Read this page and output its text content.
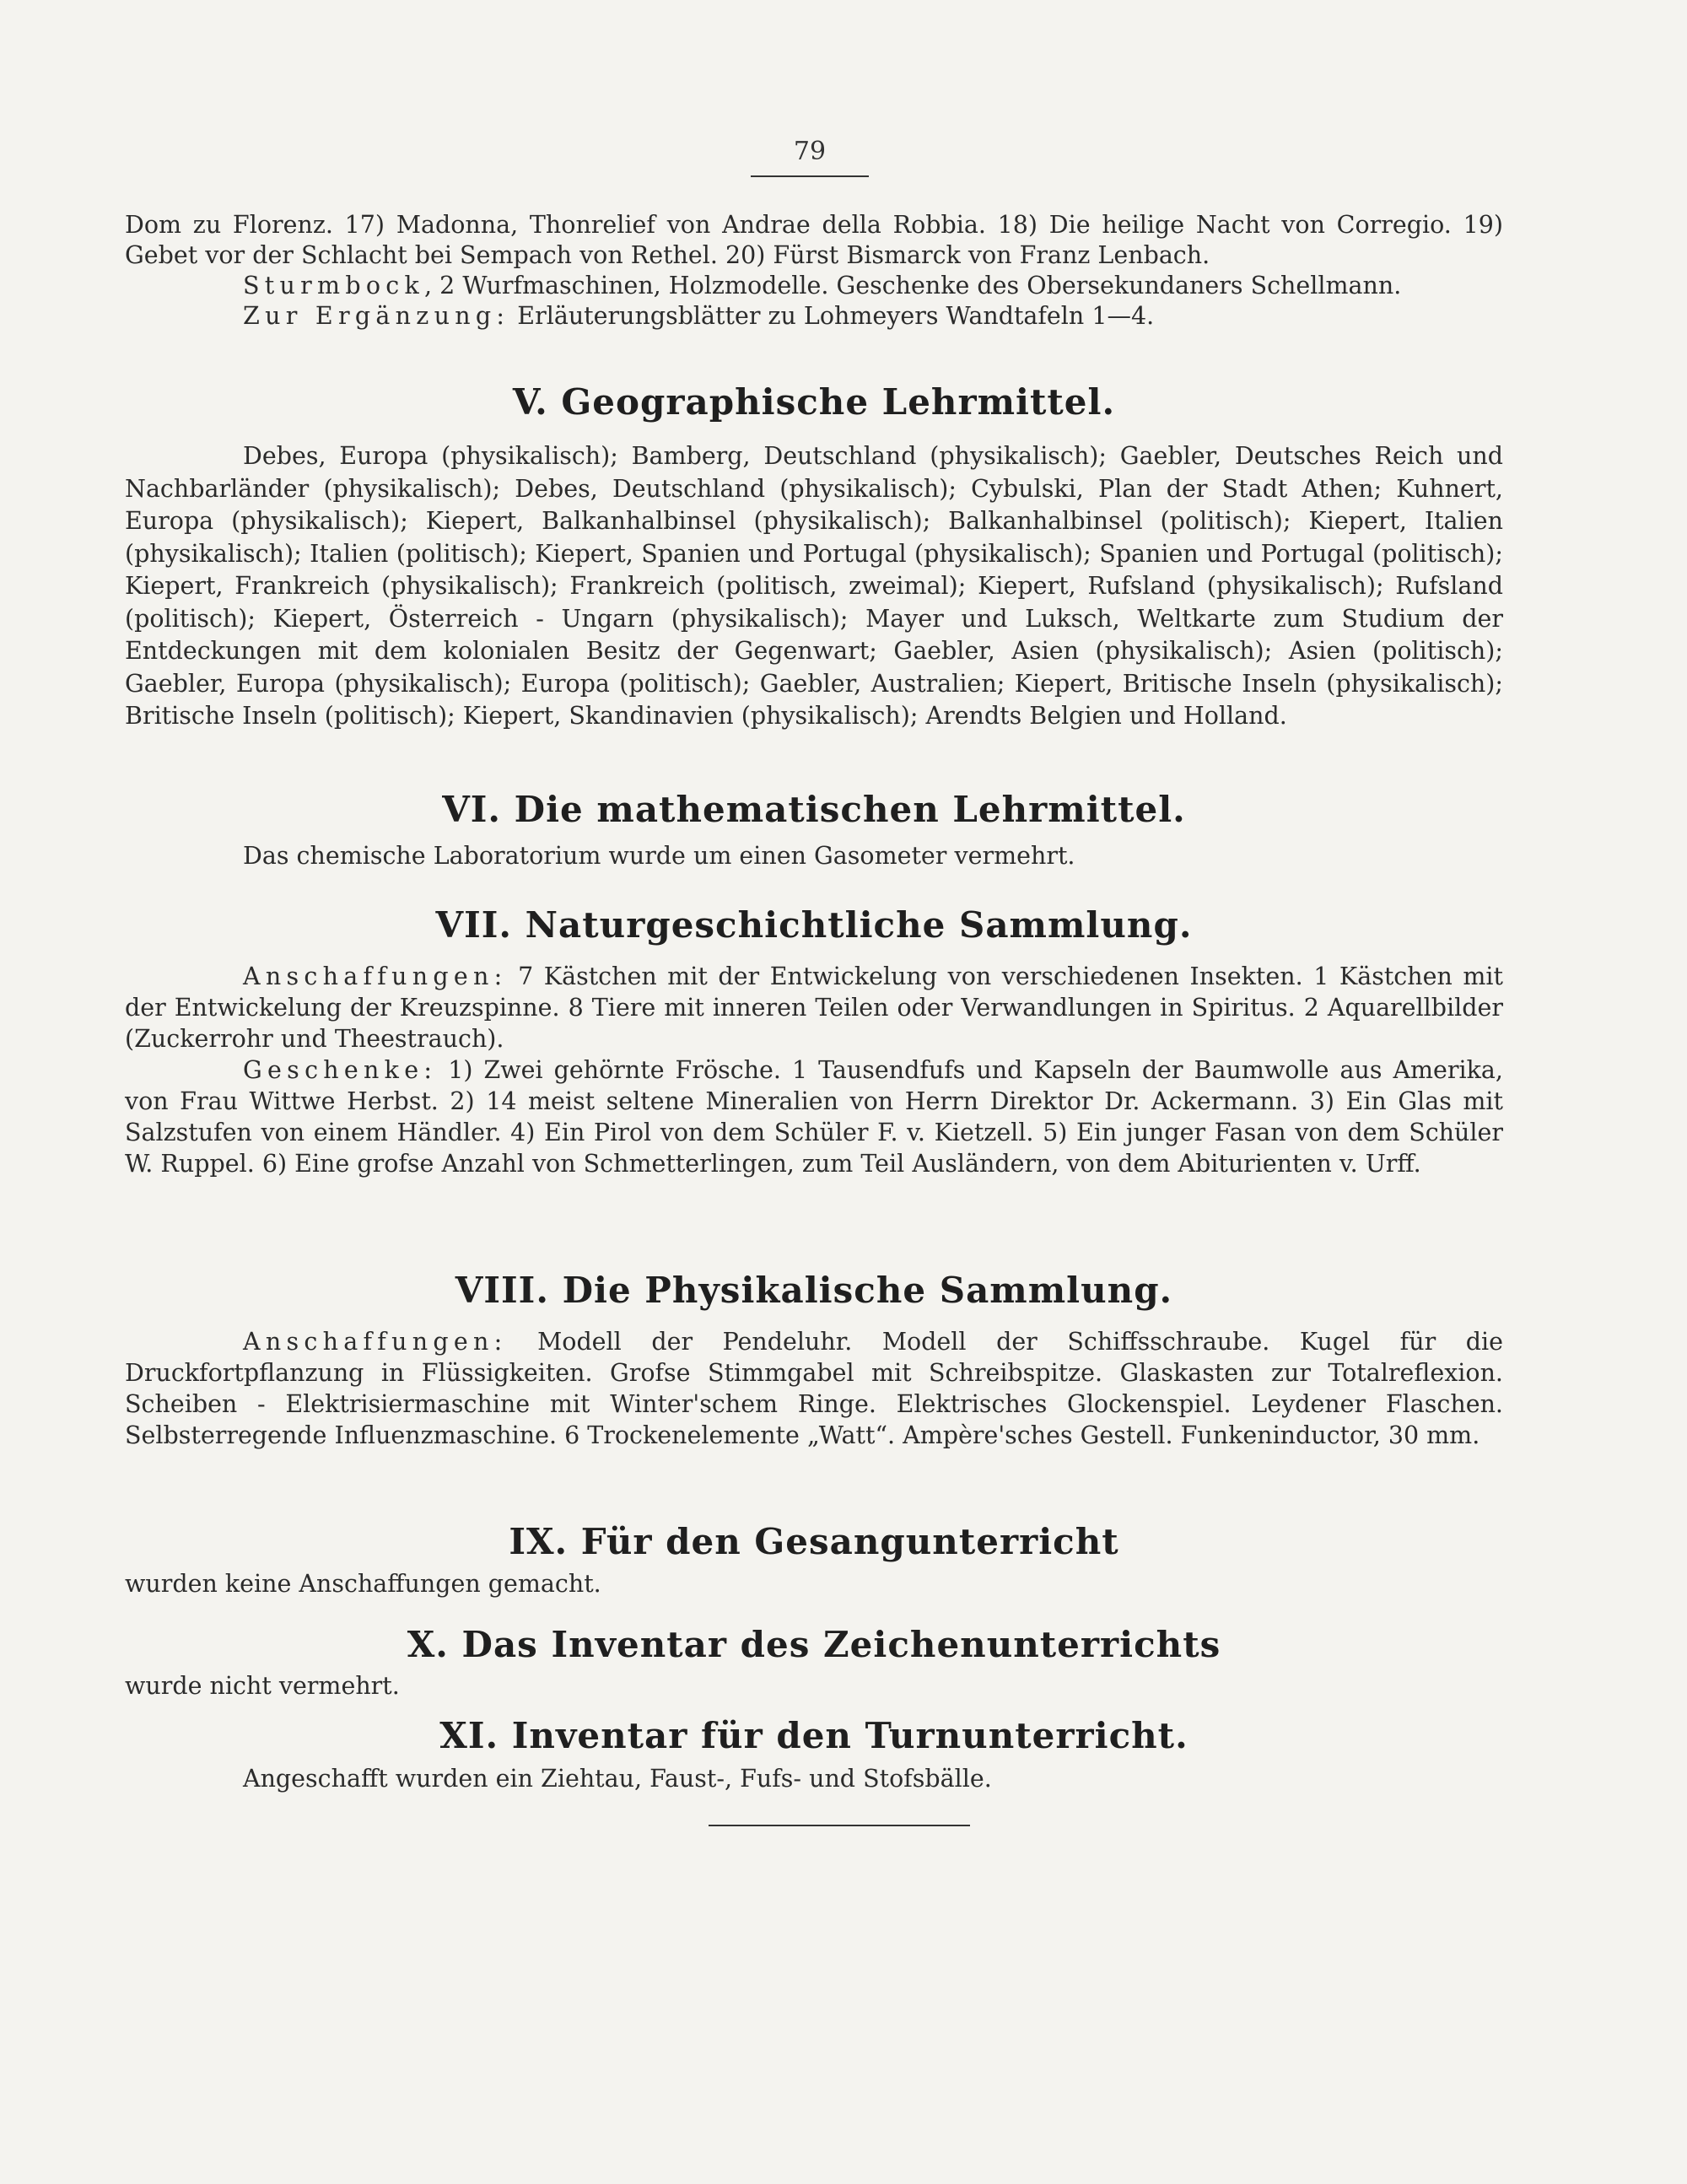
79

Dom zu Florenz. 17) Madonna, Thonrelief von Andrae della Robbia. 18) Die heilige Nacht von Corregio. 19) Gebet vor der Schlacht bei Sempach von Rethel. 20) Fürst Bismarck von Franz Lenbach.

Sturmbock, 2 Wurfmaschinen, Holzmodelle. Geschenke des Obersekundaners Schellmann.

Zur Ergänzung: Erläuterungsblätter zu Lohmeyers Wandtafeln 1—4.

V. Geographische Lehrmittel.

Debes, Europa (physikalisch); Bamberg, Deutschland (physikalisch); Gaebler, Deutsches Reich und Nachbarländer (physikalisch); Debes, Deutschland (physikalisch); Cybulski, Plan der Stadt Athen; Kuhnert, Europa (physikalisch); Kiepert, Balkanhalbinsel (physikalisch); Balkanhalbinsel (politisch); Kiepert, Italien (physikalisch); Italien (politisch); Kiepert, Spanien und Portugal (physikalisch); Spanien und Portugal (politisch); Kiepert, Frankreich (physikalisch); Frankreich (politisch, zweimal); Kiepert, Rufsland (physikalisch); Rufsland (politisch); Kiepert, Österreich - Ungarn (physikalisch); Mayer und Luksch, Weltkarte zum Studium der Entdeckungen mit dem kolonialen Besitz der Gegenwart; Gaebler, Asien (physikalisch); Asien (politisch); Gaebler, Europa (physikalisch); Europa (politisch); Gaebler, Australien; Kiepert, Britische Inseln (physikalisch); Britische Inseln (politisch); Kiepert, Skandinavien (physikalisch); Arendts Belgien und Holland.

VI. Die mathematischen Lehrmittel.

Das chemische Laboratorium wurde um einen Gasometer vermehrt.

VII. Naturgeschichtliche Sammlung.

Anschaffungen: 7 Kästchen mit der Entwickelung von verschiedenen Insekten. 1 Kästchen mit der Entwickelung der Kreuzspinne. 8 Tiere mit inneren Teilen oder Verwandlungen in Spiritus. 2 Aquarellbilder (Zuckerrohr und Theestrauch).

Geschenke: 1) Zwei gehörnte Frösche. 1 Tausendfufs und Kapseln der Baumwolle aus Amerika, von Frau Wittwe Herbst. 2) 14 meist seltene Mineralien von Herrn Direktor Dr. Ackermann. 3) Ein Glas mit Salzstufen von einem Händler. 4) Ein Pirol von dem Schüler F. v. Kietzell. 5) Ein junger Fasan von dem Schüler W. Ruppel. 6) Eine grofse Anzahl von Schmetterlingen, zum Teil Ausländern, von dem Abiturienten v. Urff.

VIII. Die Physikalische Sammlung.

Anschaffungen: Modell der Pendeluhr. Modell der Schiffsschraube. Kugel für die Druckfortpflanzung in Flüssigkeiten. Grofse Stimmgabel mit Schreibspitze. Glaskasten zur Totalreflexion. Scheiben - Elektrisiermaschine mit Winter'schem Ringe. Elektrisches Glockenspiel. Leydener Flaschen. Selbsterregende Influenzmaschine. 6 Trockenelemente „Watt“. Ampère'sches Gestell. Funkeninductor, 30 mm.

IX. Für den Gesangunterricht

wurden keine Anschaffungen gemacht.

X. Das Inventar des Zeichenunterrichts

wurde nicht vermehrt.

XI. Inventar für den Turnunterricht.

Angeschafft wurden ein Ziehtau, Faust-, Fufs- und Stofsbälle.
